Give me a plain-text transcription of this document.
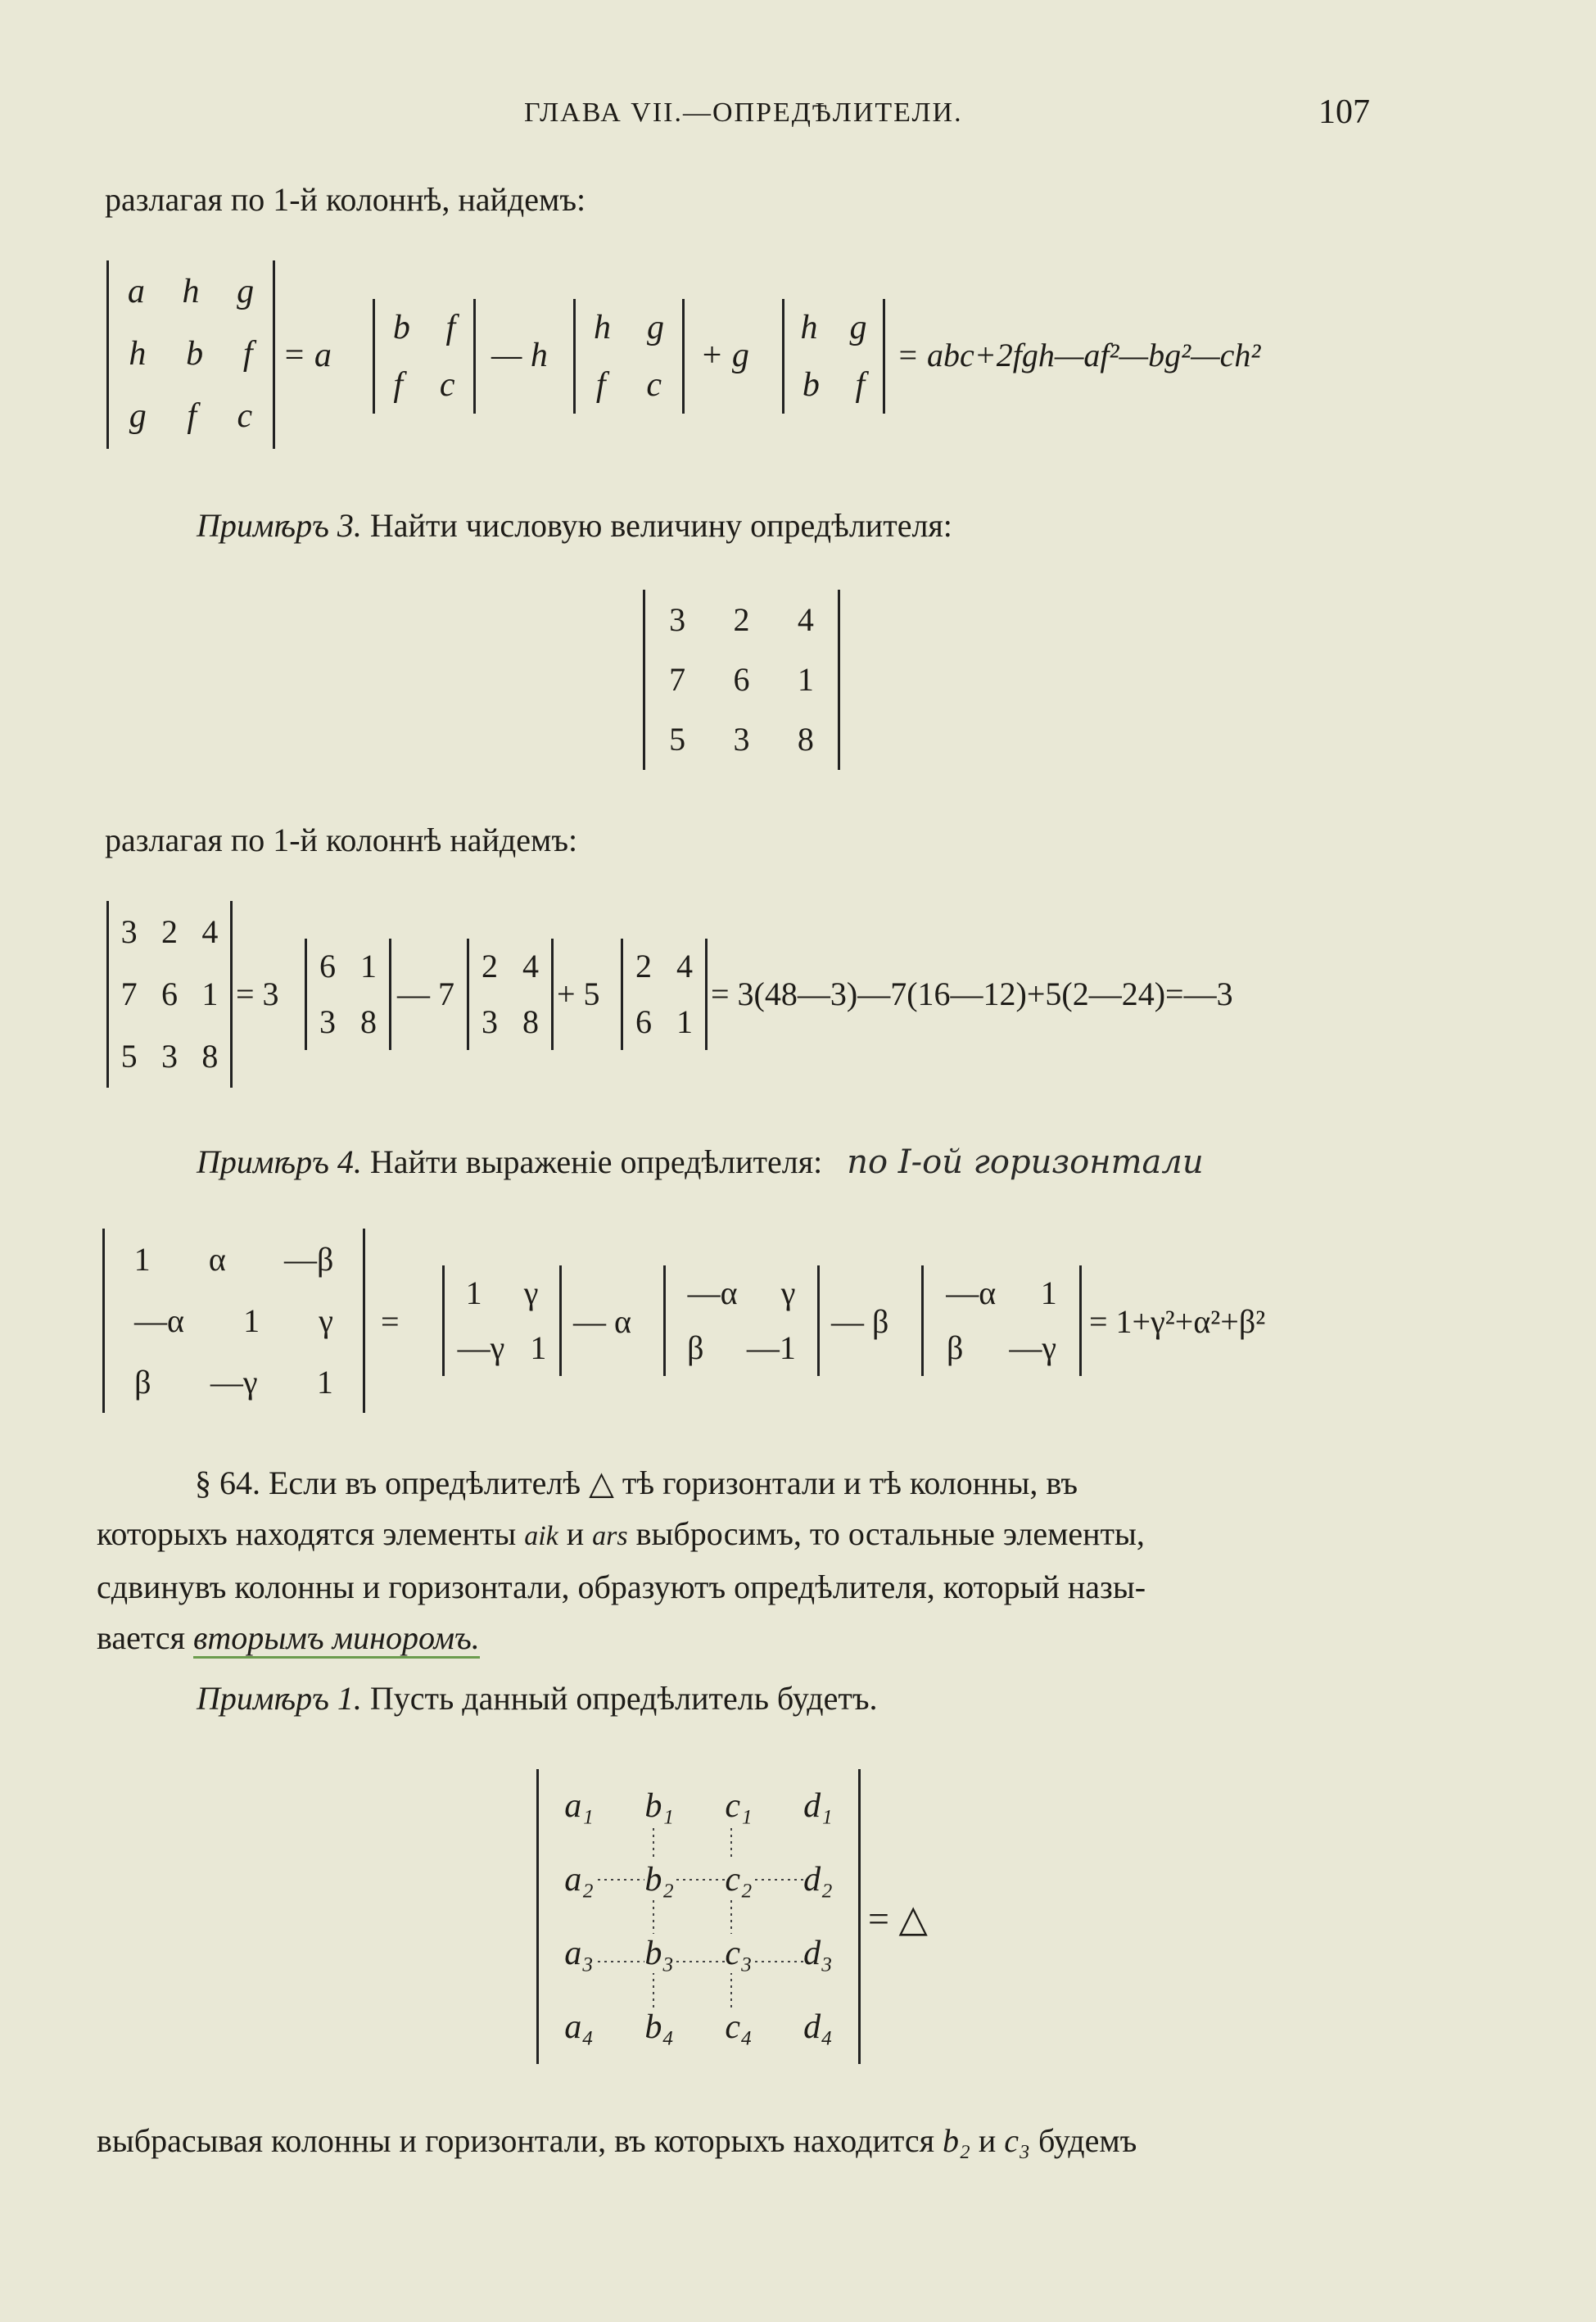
ГЛАВА VII.—ОПРЕДѢЛИТЕЛИ.	107
разлагая по 1-й колоннѣ, найдемъ:
a h g
h b f
g f c
= a
b f
f c
— h
h g
f c
+ g
h g
b f
= abc+2fgh—af²—bg²—ch²
Примѣръ 3. Найти числовую величину опредѣлителя:
3 2 4
7 6 1
5 3 8
разлагая по 1-й колоннѣ найдемъ:
3 2 4
7 6 1
5 3 8
= 3
6 1
3 8
— 7
2 4
3 8
+ 5
2 4
6 1
= 3(48—3)—7(16—12)+5(2—24)=—3
Примѣръ 4. Найти выраженіе опредѣлителя: по I-ой горизонтали
1 α —β
—α 1 γ
β —γ 1
=
1 γ
—γ 1
— α
—α γ
β —1
— β
—α 1
β —γ
= 1+γ²+α²+β²
§ 64. Если въ опредѣлителѣ △ тѣ горизонтали и тѣ колонны, въ
которыхъ находятся элементы aik и ars выбросимъ, то остальные элементы,
сдвинувъ колонны и горизонтали, образуютъ опредѣлителя, который назы-
вается вторымъ миноромъ.
Примѣръ 1. Пусть данный опредѣлитель будетъ.
a₁ b₁ c₁ d₁
a₂ b₂ c₂ d₂
a₃ b₃ c₃ d₃
a₄ b₄ c₄ d₄
= △
выбрасывая колонны и горизонтали, въ которыхъ находится b₂ и c₃ будемъ
